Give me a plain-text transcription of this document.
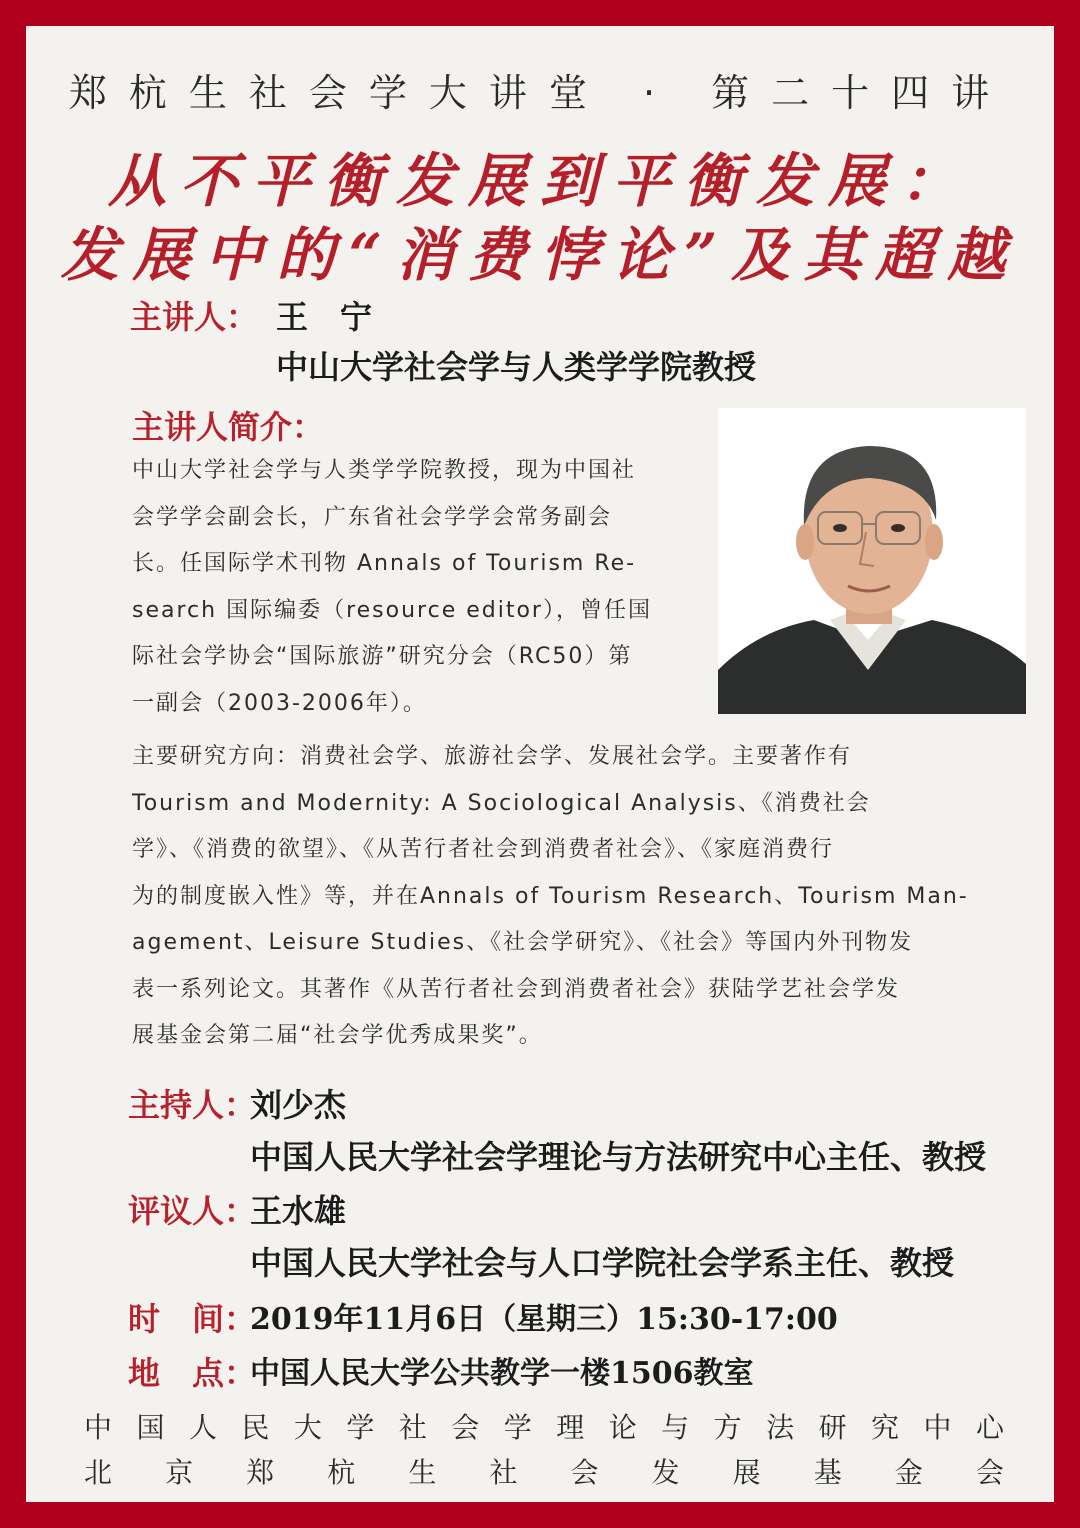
郑杭生社会学大讲堂 · 第二十四讲
从不平衡发展到平衡发展：
发展中的“消费悖论”及其超越
主讲人： 王　宁
中山大学社会学与人类学学院教授
主讲人简介：
中山大学社会学与人类学学院教授，现为中国社
会学学会副会长，广东省社会学学会常务副会
长。任国际学术刊物 Annals of Tourism Re-
search 国际编委（resource editor），曾任国
际社会学协会“国际旅游”研究分会（RC50）第
一副会（2003-2006年）。
主要研究方向：消费社会学、旅游社会学、发展社会学。主要著作有
Tourism and Modernity: A Sociological Analysis、《消费社会
学》、《消费的欲望》、《从苦行者社会到消费者社会》、《家庭消费行
为的制度嵌入性》等，并在Annals of Tourism Research、Tourism Man-
agement、Leisure Studies、《社会学研究》、《社会》等国内外刊物发
表一系列论文。其著作《从苦行者社会到消费者社会》获陆学艺社会学发
展基金会第二届“社会学优秀成果奖”。
主持人：
刘少杰
中国人民大学社会学理论与方法研究中心主任、教授
评议人：
王水雄
中国人民大学社会与人口学院社会学系主任、教授
时　间：
2019年11月6日（星期三）15:30-17:00
地　点：
中国人民大学公共教学一楼1506教室
中 国 人 民 大 学 社 会 学 理 论 与 方 法 研 究 中 心
北 京 郑 杭 生 社 会 发 展 基 金 会
